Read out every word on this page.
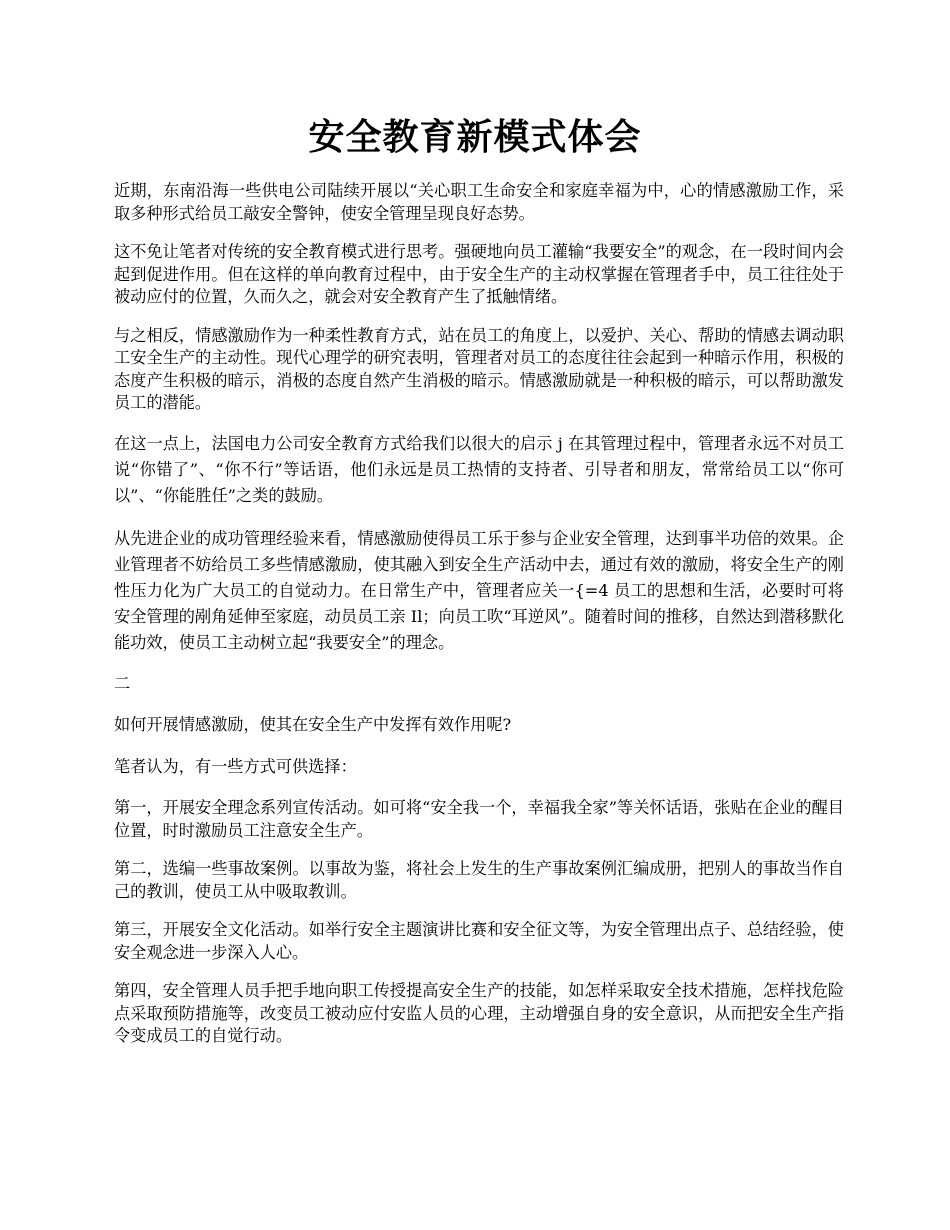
安全教育新模式体会

近期，东南沿海一些供电公司陆续开展以“关心职工生命安全和家庭幸福为中，心的情感激励工作，采取多种形式给员工敲安全警钟，使安全管理呈现良好态势。

这不免让笔者对传统的安全教育模式进行思考。强硬地向员工灌输“我要安全”的观念，在一段时间内会起到促进作用。但在这样的单向教育过程中，由于安全生产的主动权掌握在管理者手中，员工往往处于被动应付的位置，久而久之，就会对安全教育产生了抵触情绪。

与之相反，情感激励作为一种柔性教育方式，站在员工的角度上，以爱护、关心、帮助的情感去调动职工安全生产的主动性。现代心理学的研究表明，管理者对员工的态度往往会起到一种暗示作用，积极的态度产生积极的暗示，消极的态度自然产生消极的暗示。情感激励就是一种积极的暗示，可以帮助激发员工的潜能。

在这一点上，法国电力公司安全教育方式给我们以很大的启示 j 在其管理过程中，管理者永远不对员工说“你错了”、“你不行”等话语，他们永远是员工热情的支持者、引导者和朋友，常常给员工以“你可以”、“你能胜任”之类的鼓励。

从先进企业的成功管理经验来看，情感激励使得员工乐于参与企业安全管理，达到事半功倍的效果。企业管理者不妨给员工多些情感激励，使其融入到安全生产活动中去，通过有效的激励，将安全生产的刚性压力化为广大员工的自觉动力。在日常生产中，管理者应关一{=4 员工的思想和生活，必要时可将安全管理的剐角延伸至家庭，动员员工亲 Il；向员工吹“耳逆风”。随着时间的推移，自然达到潜移默化能功效，使员工主动树立起“我要安全”的理念。

二

如何开展情感激励，使其在安全生产中发挥有效作用呢?

笔者认为，有一些方式可供选择：

第一，开展安全理念系列宣传活动。如可将“安全我一个，幸福我全家”等关怀话语，张贴在企业的醒目位置，时时激励员工注意安全生产。

第二，选编一些事故案例。以事故为鉴，将社会上发生的生产事故案例汇编成册，把别人的事故当作自己的教训，使员工从中吸取教训。

第三，开展安全文化活动。如举行安全主题演讲比赛和安全征文等，为安全管理出点子、总结经验，使安全观念进一步深入人心。

第四，安全管理人员手把手地向职工传授提高安全生产的技能，如怎样采取安全技术措施，怎样找危险点采取预防措施等，改变员工被动应付安监人员的心理，主动增强自身的安全意识，从而把安全生产指令变成员工的自觉行动。
